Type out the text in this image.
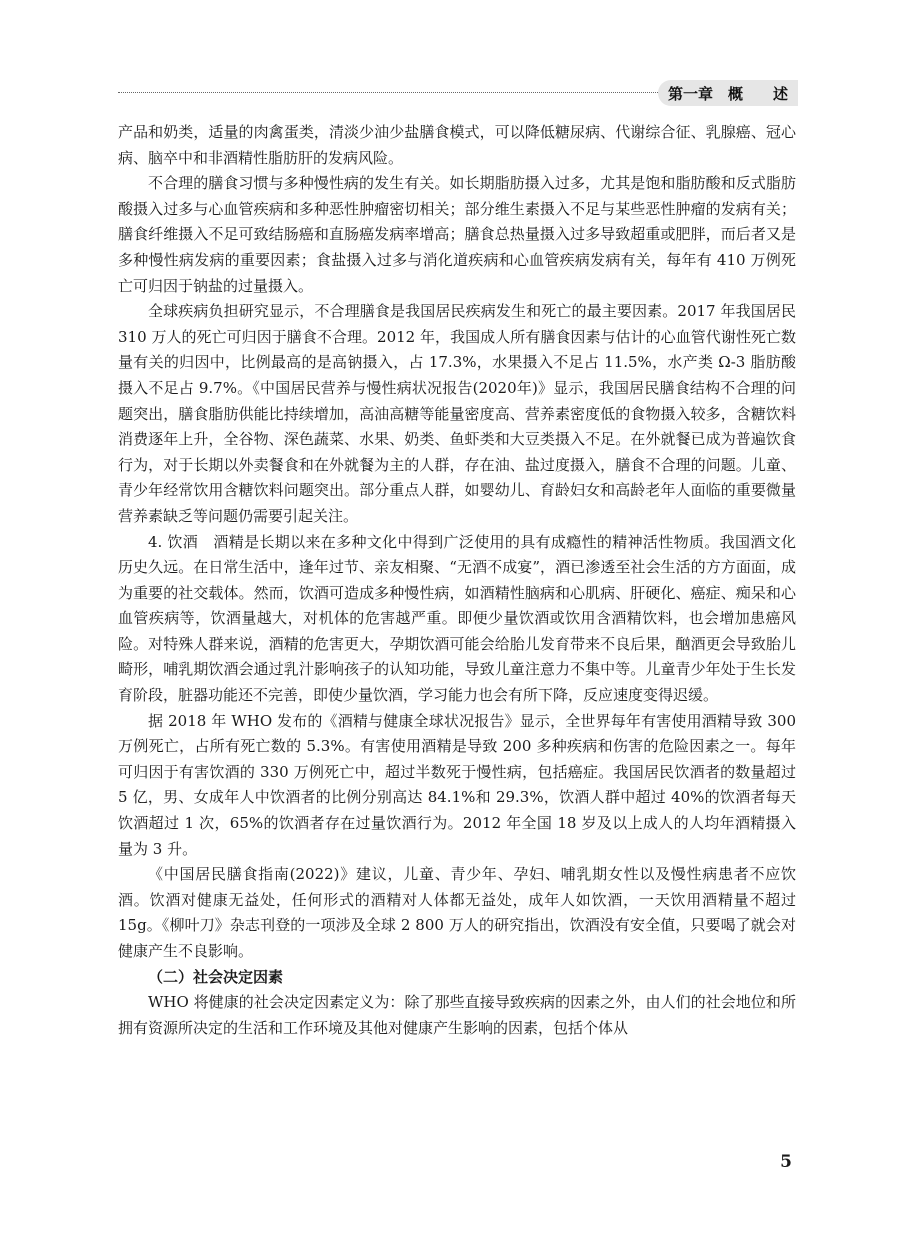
第一章　概　　述

产品和奶类，适量的肉禽蛋类，清淡少油少盐膳食模式，可以降低糖尿病、代谢综合征、乳腺癌、冠心病、脑卒中和非酒精性脂肪肝的发病风险。

不合理的膳食习惯与多种慢性病的发生有关。如长期脂肪摄入过多，尤其是饱和脂肪酸和反式脂肪酸摄入过多与心血管疾病和多种恶性肿瘤密切相关；部分维生素摄入不足与某些恶性肿瘤的发病有关；膳食纤维摄入不足可致结肠癌和直肠癌发病率增高；膳食总热量摄入过多导致超重或肥胖，而后者又是多种慢性病发病的重要因素；食盐摄入过多与消化道疾病和心血管疾病发病有关，每年有 410 万例死亡可归因于钠盐的过量摄入。

全球疾病负担研究显示，不合理膳食是我国居民疾病发生和死亡的最主要因素。2017 年我国居民 310 万人的死亡可归因于膳食不合理。2012 年，我国成人所有膳食因素与估计的心血管代谢性死亡数量有关的归因中，比例最高的是高钠摄入，占 17.3%，水果摄入不足占 11.5%，水产类 Ω-3 脂肪酸摄入不足占 9.7%。《中国居民营养与慢性病状况报告(2020年)》显示，我国居民膳食结构不合理的问题突出，膳食脂肪供能比持续增加，高油高糖等能量密度高、营养素密度低的食物摄入较多，含糖饮料消费逐年上升，全谷物、深色蔬菜、水果、奶类、鱼虾类和大豆类摄入不足。在外就餐已成为普遍饮食行为，对于长期以外卖餐食和在外就餐为主的人群，存在油、盐过度摄入，膳食不合理的问题。儿童、青少年经常饮用含糖饮料问题突出。部分重点人群，如婴幼儿、育龄妇女和高龄老年人面临的重要微量营养素缺乏等问题仍需要引起关注。

4. 饮酒　酒精是长期以来在多种文化中得到广泛使用的具有成瘾性的精神活性物质。我国酒文化历史久远。在日常生活中，逢年过节、亲友相聚、“无酒不成宴”，酒已渗透至社会生活的方方面面，成为重要的社交载体。然而，饮酒可造成多种慢性病，如酒精性脑病和心肌病、肝硬化、癌症、痴呆和心血管疾病等，饮酒量越大，对机体的危害越严重。即便少量饮酒或饮用含酒精饮料，也会增加患癌风险。对特殊人群来说，酒精的危害更大，孕期饮酒可能会给胎儿发育带来不良后果，酗酒更会导致胎儿畸形，哺乳期饮酒会通过乳汁影响孩子的认知功能，导致儿童注意力不集中等。儿童青少年处于生长发育阶段，脏器功能还不完善，即使少量饮酒，学习能力也会有所下降，反应速度变得迟缓。

据 2018 年 WHO 发布的《酒精与健康全球状况报告》显示，全世界每年有害使用酒精导致 300 万例死亡，占所有死亡数的 5.3%。有害使用酒精是导致 200 多种疾病和伤害的危险因素之一。每年可归因于有害饮酒的 330 万例死亡中，超过半数死于慢性病，包括癌症。我国居民饮酒者的数量超过 5 亿，男、女成年人中饮酒者的比例分别高达 84.1%和 29.3%，饮酒人群中超过 40%的饮酒者每天饮酒超过 1 次，65%的饮酒者存在过量饮酒行为。2012 年全国 18 岁及以上成人的人均年酒精摄入量为 3 升。

《中国居民膳食指南(2022)》建议，儿童、青少年、孕妇、哺乳期女性以及慢性病患者不应饮酒。饮酒对健康无益处，任何形式的酒精对人体都无益处，成年人如饮酒，一天饮用酒精量不超过 15g。《柳叶刀》杂志刊登的一项涉及全球 2 800 万人的研究指出，饮酒没有安全值，只要喝了就会对健康产生不良影响。

（二）社会决定因素

WHO 将健康的社会决定因素定义为：除了那些直接导致疾病的因素之外，由人们的社会地位和所拥有资源所决定的生活和工作环境及其他对健康产生影响的因素，包括个体从

5
